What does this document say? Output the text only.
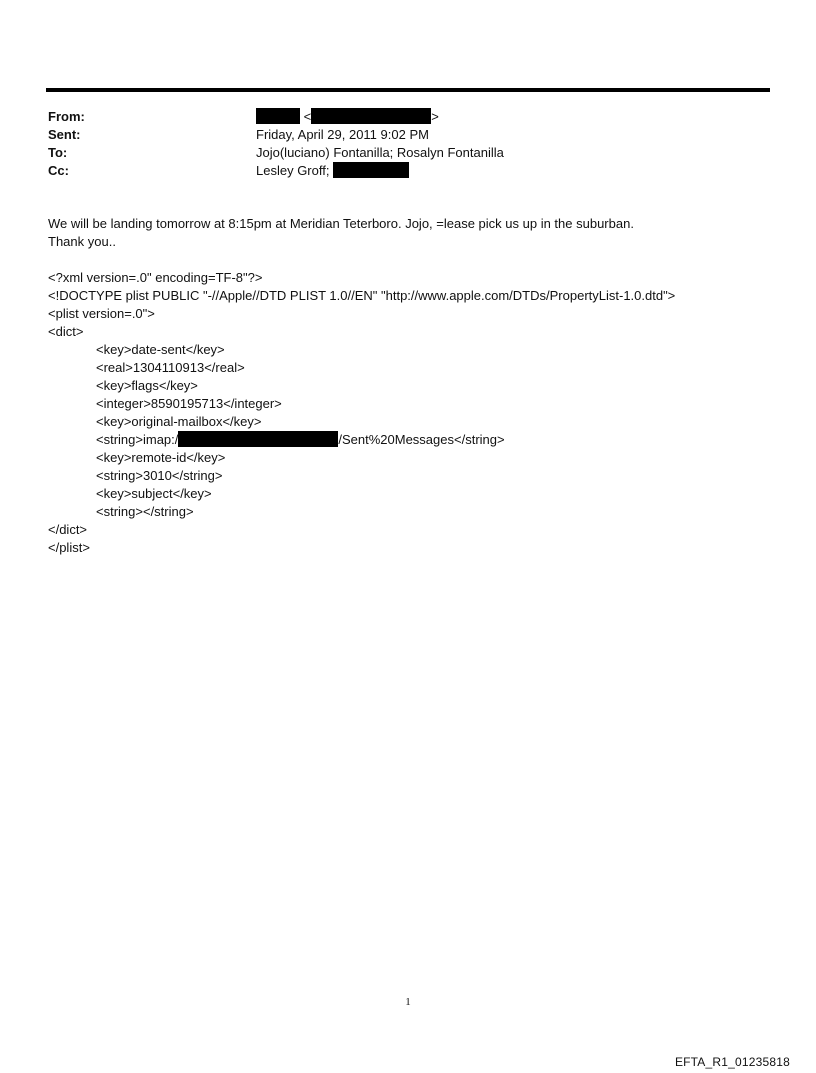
From:	<	>
Sent:	Friday, April 29, 2011 9:02 PM
To:	Jojo(luciano) Fontanilla; Rosalyn Fontanilla
Cc:	Lesley Groff;

We will be landing tomorrow at 8:15pm at Meridian Teterboro. Jojo, =lease pick us up in the suburban.

Thank you..

<?xml version=.0" encoding=TF-8"?>
<!DOCTYPE plist PUBLIC "-//Apple//DTD PLIST 1.0//EN" "http://www.apple.com/DTDs/PropertyList-1.0.dtd">
<plist version=.0">
<dict>
<key>date-sent</key>
<real>1304110913</real>
<key>flags</key>
<integer>8590195713</integer>
<key>original-mailbox</key>
<string>imap:/	/Sent%20Messages</string>
<key>remote-id</key>
<string>3010</string>
<key>subject</key>
<string></string>
</dict>
</plist>
1
EFTA_R1_01235818
